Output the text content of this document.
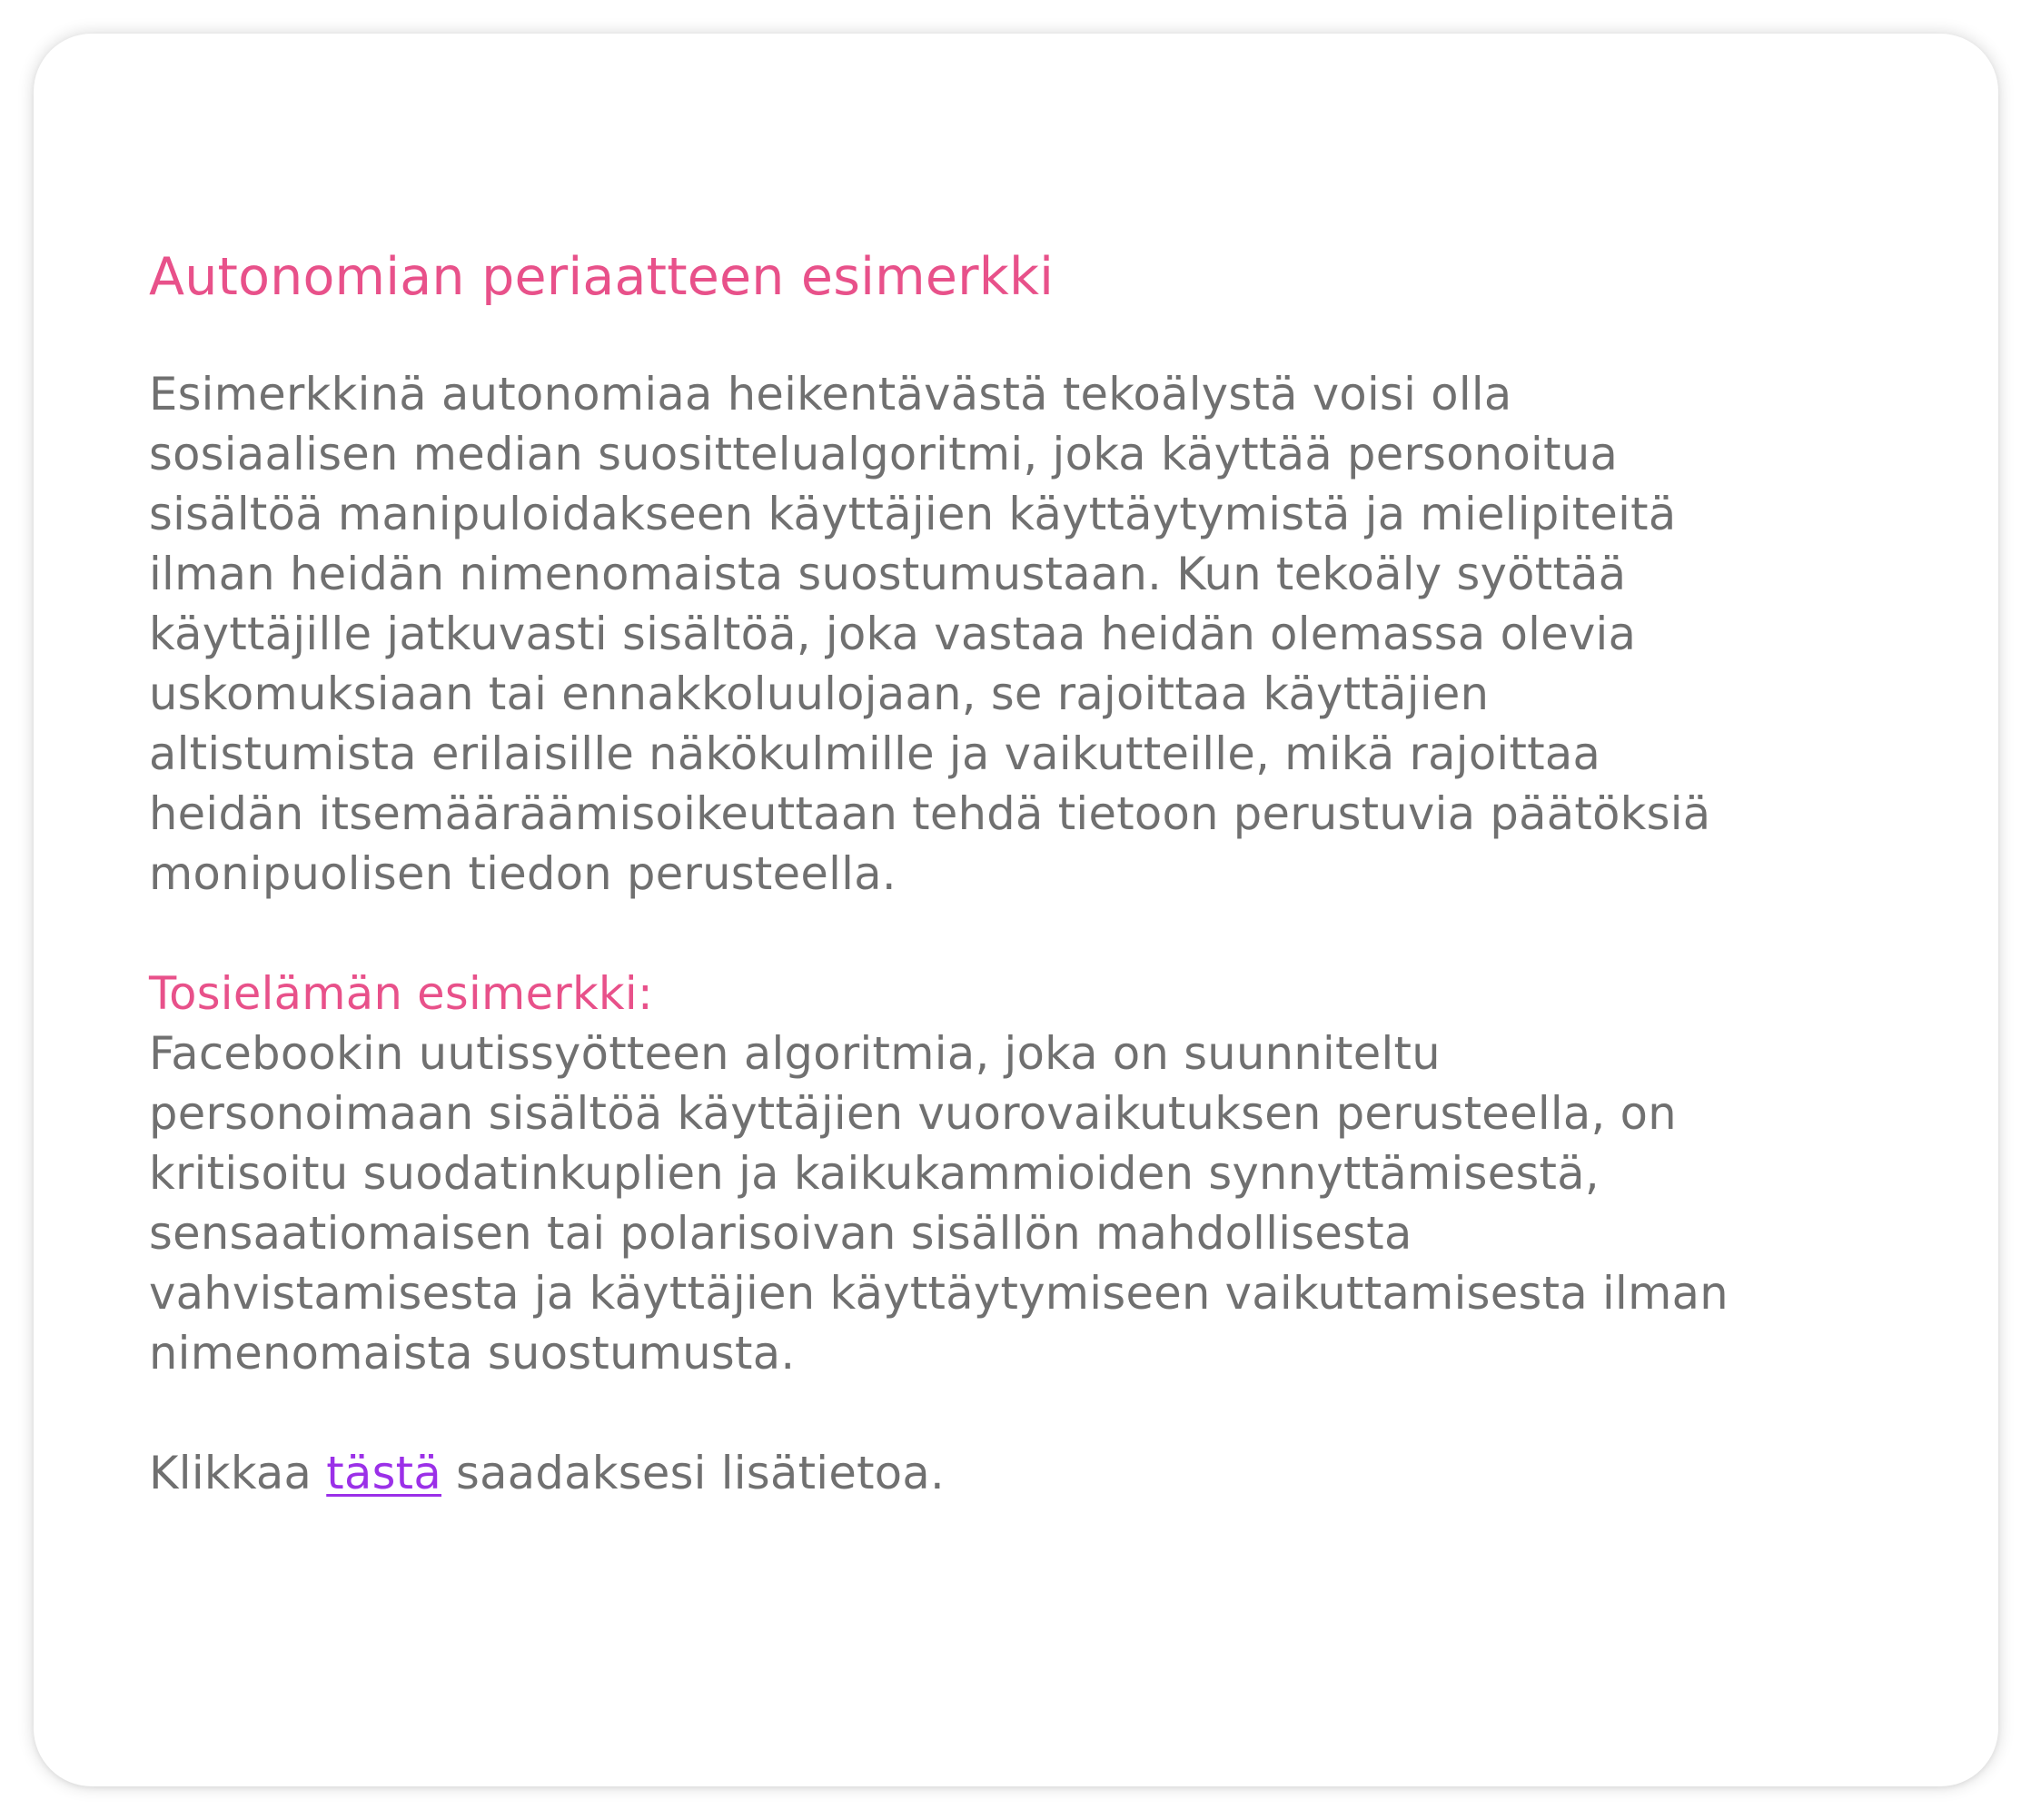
Autonomian periaatteen esimerkki

Esimerkkinä autonomiaa heikentävästä tekoälystä voisi olla
sosiaalisen median suosittelualgoritmi, joka käyttää personoitua
sisältöä manipuloidakseen käyttäjien käyttäytymistä ja mielipiteitä
ilman heidän nimenomaista suostumustaan. Kun tekoäly syöttää
käyttäjille jatkuvasti sisältöä, joka vastaa heidän olemassa olevia
uskomuksiaan tai ennakkoluulojaan, se rajoittaa käyttäjien
altistumista erilaisille näkökulmille ja vaikutteille, mikä rajoittaa
heidän itsemääräämisoikeuttaan tehdä tietoon perustuvia päätöksiä
monipuolisen tiedon perusteella.

Tosielämän esimerkki:

Facebookin uutissyötteen algoritmia, joka on suunniteltu
personoimaan sisältöä käyttäjien vuorovaikutuksen perusteella, on
kritisoitu suodatinkuplien ja kaikukammioiden synnyttämisestä,
sensaatiomaisen tai polarisoivan sisällön mahdollisesta
vahvistamisesta ja käyttäjien käyttäytymiseen vaikuttamisesta ilman
nimenomaista suostumusta.

Klikkaa tästä saadaksesi lisätietoa.
